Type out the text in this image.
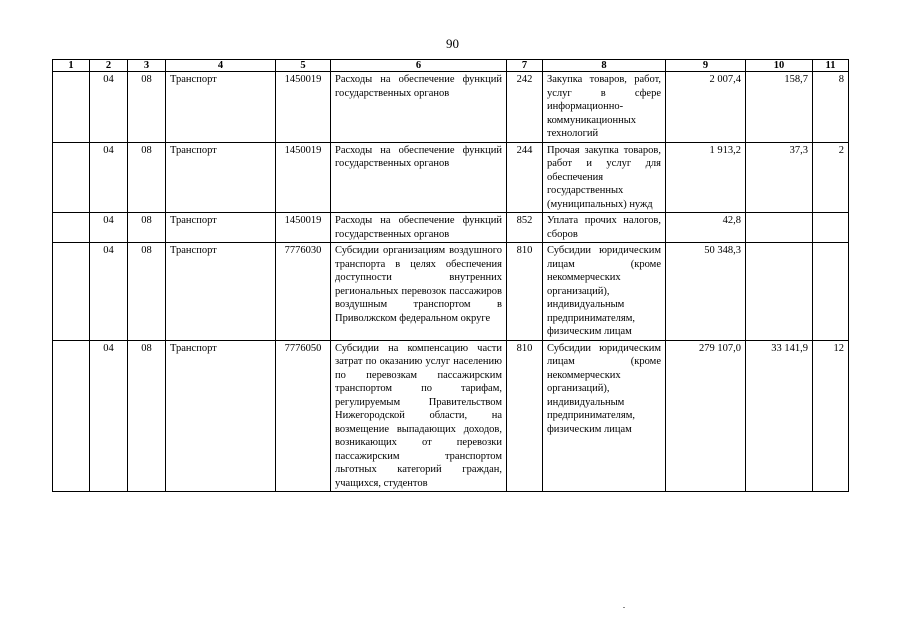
90
1	2	3	4	5	6	7	8	9	10	11
	04	08	Транспорт	1450019	Расходы на обеспечение функций государственных органов	242	Закупка товаров, работ, услуг в сфере информационно-коммуникационных технологий	2 007,4	158,7	8
	04	08	Транспорт	1450019	Расходы на обеспечение функций государственных органов	244	Прочая закупка товаров, работ и услуг для обеспечения государственных (муниципальных) нужд	1 913,2	37,3	2
	04	08	Транспорт	1450019	Расходы на обеспечение функций государственных органов	852	Уплата прочих налогов, сборов	42,8		
	04	08	Транспорт	7776030	Субсидии организациям воздушного транспорта в целях обеспечения доступности внутренних региональных перевозок пассажиров воздушным транспортом в Приволжском федеральном округе	810	Субсидии юридическим лицам (кроме некоммерческих организаций), индивидуальным предпринимателям, физическим лицам	50 348,3		
	04	08	Транспорт	7776050	Субсидии на компенсацию части затрат по оказанию услуг населению по перевозкам пассажирским транспортом по тарифам, регулируемым Правительством Нижегородской области, на возмещение выпадающих доходов, возникающих от перевозки пассажирским транспортом льготных категорий граждан, учащихся, студентов	810	Субсидии юридическим лицам (кроме некоммерческих организаций), индивидуальным предпринимателям, физическим лицам	279 107,0	33 141,9	12
